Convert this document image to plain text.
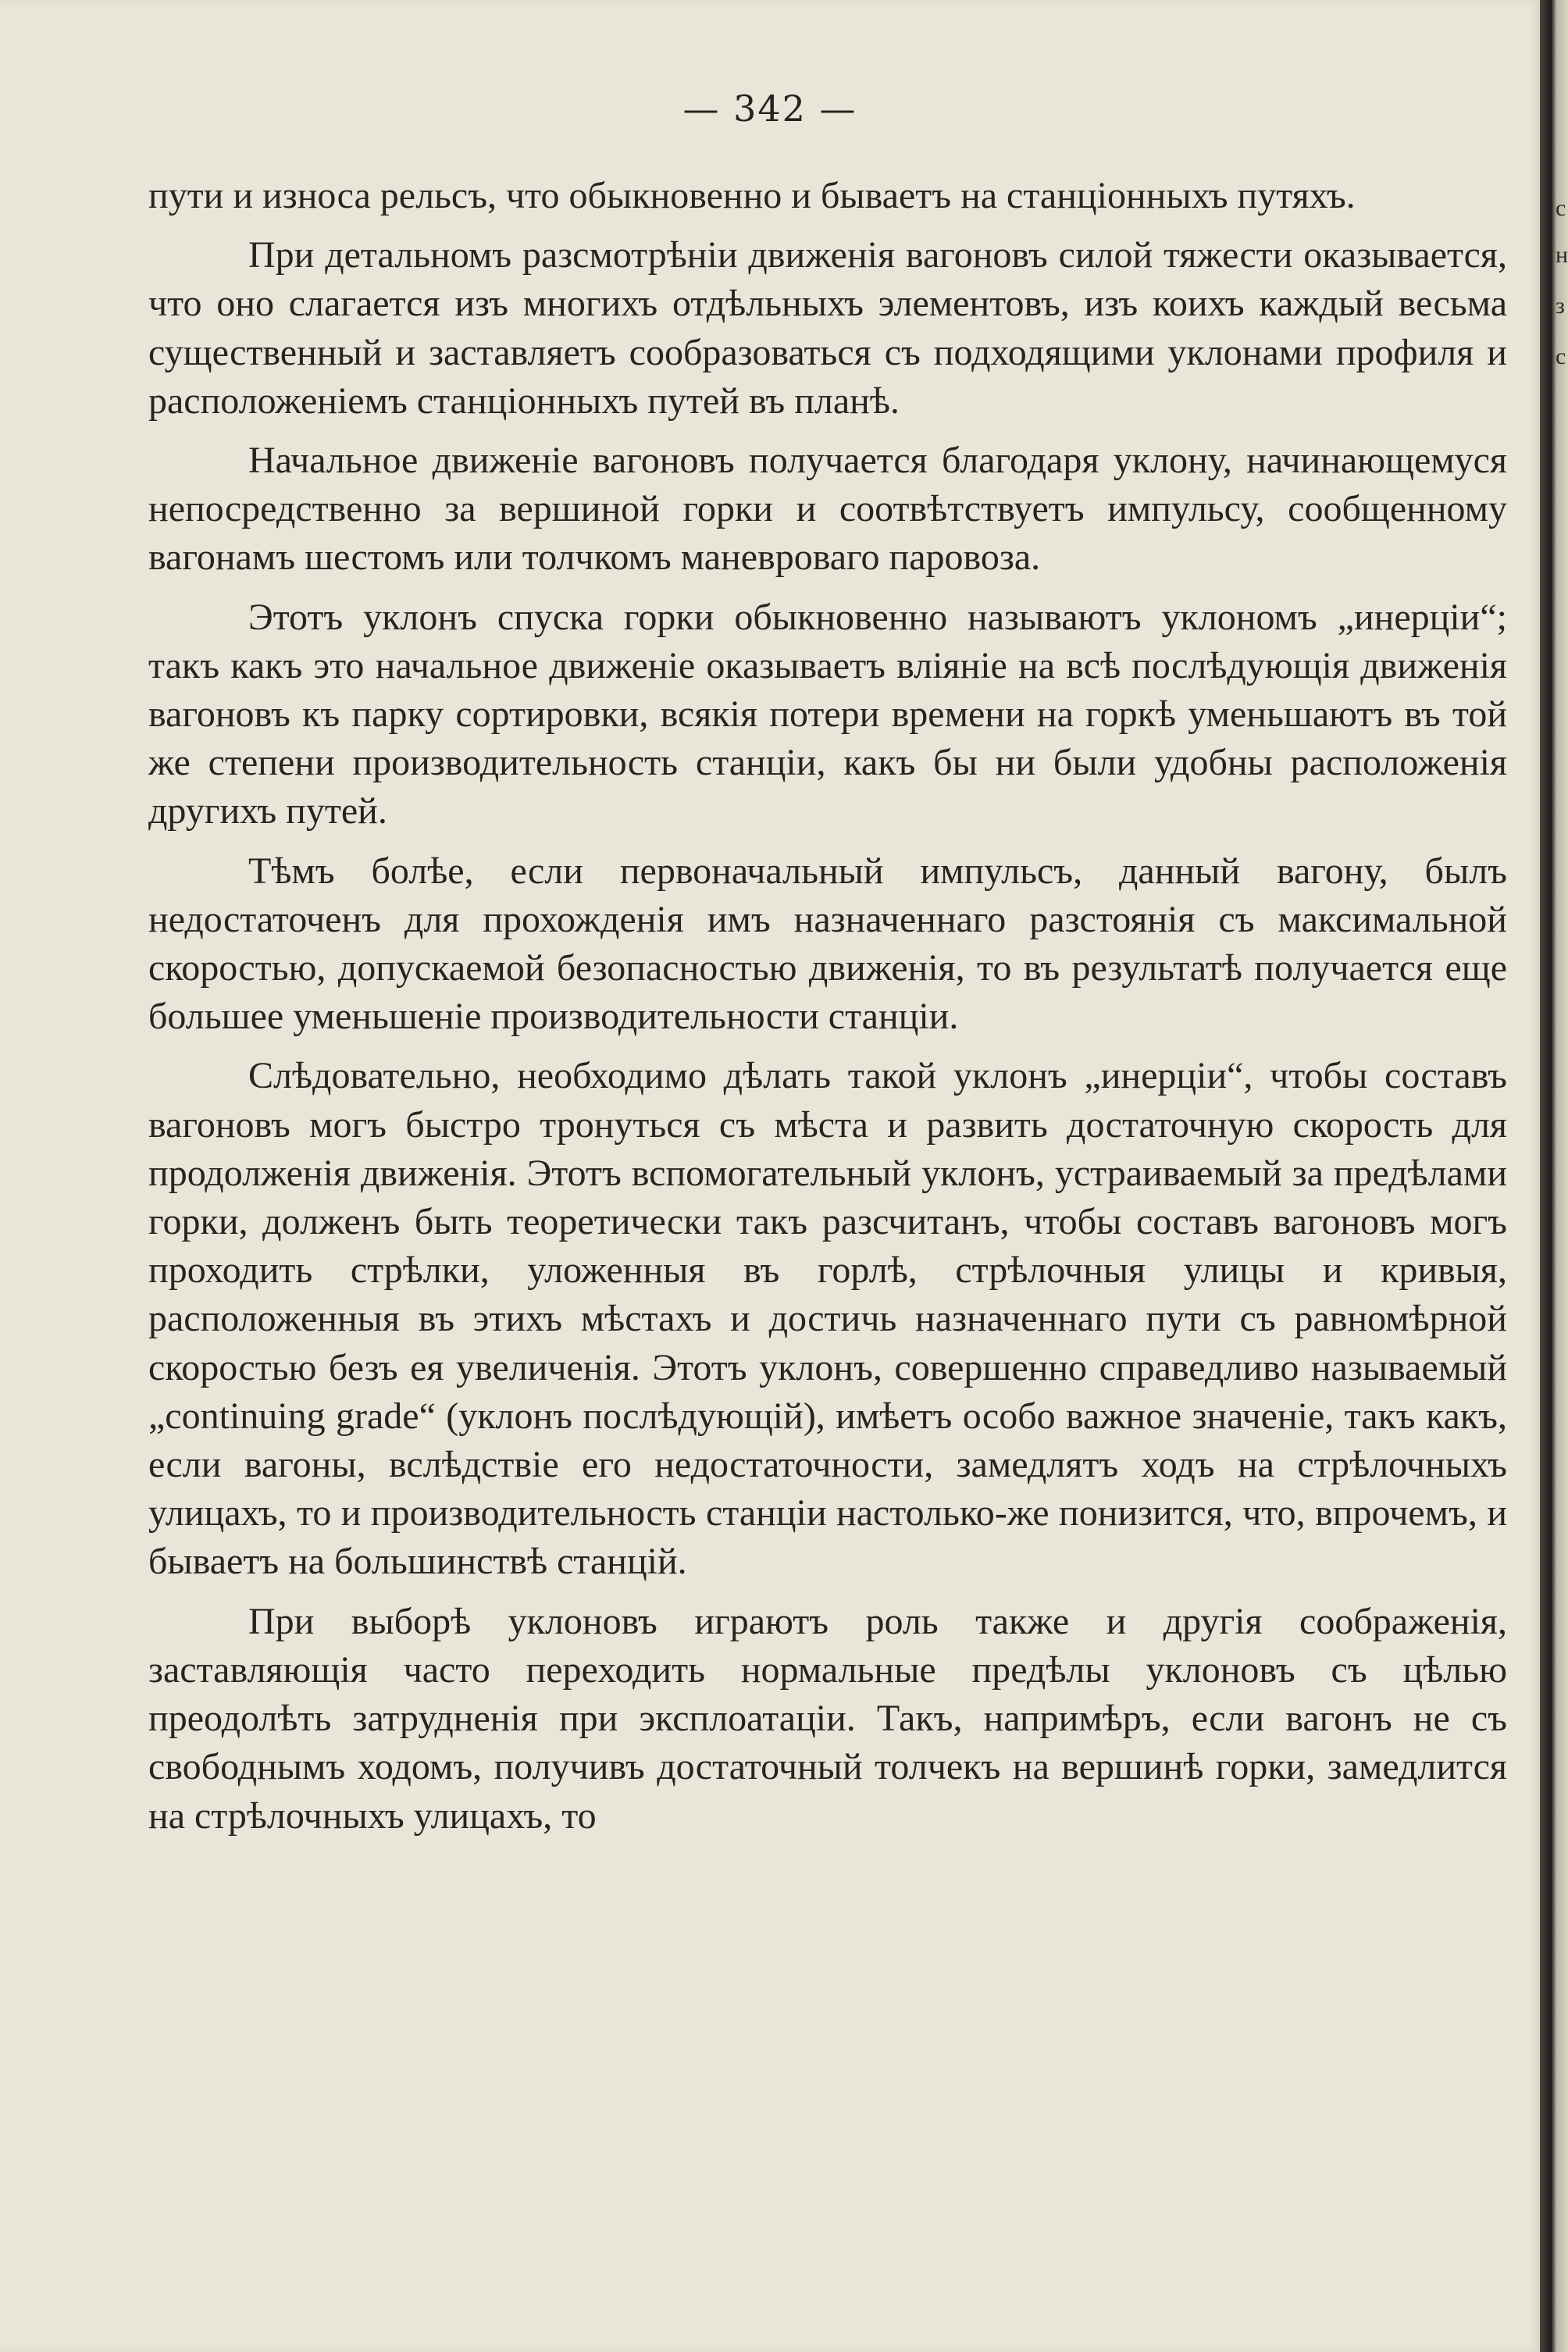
— 342 —

пути и износа рельсъ, что обыкновенно и бываетъ на станціонныхъ путяхъ.

При детальномъ разсмотрѣніи движенія вагоновъ силой тяжести оказывается, что оно слагается изъ многихъ отдѣльныхъ элементовъ, изъ коихъ каждый весьма существенный и заставляетъ сообразоваться съ подходящими уклонами профиля и расположеніемъ станціонныхъ путей въ планѣ.

Начальное движеніе вагоновъ получается благодаря уклону, начинающемуся непосредственно за вершиной горки и соотвѣтствуетъ импульсу, сообщенному вагонамъ шестомъ или толчкомъ маневроваго паровоза.

Этотъ уклонъ спуска горки обыкновенно называютъ уклономъ „инерціи“; такъ какъ это начальное движеніе оказываетъ вліяніе на всѣ послѣдующія движенія вагоновъ къ парку сортировки, всякія потери времени на горкѣ уменьшаютъ въ той же степени производительность станціи, какъ бы ни были удобны расположенія другихъ путей.

Тѣмъ болѣе, если первоначальный импульсъ, данный вагону, былъ недостаточенъ для прохожденія имъ назначеннаго разстоянія съ максимальной скоростью, допускаемой безопасностью движенія, то въ результатѣ получается еще большее уменьшеніе производительности станціи.

Слѣдовательно, необходимо дѣлать такой уклонъ „инерціи“, чтобы составъ вагоновъ могъ быстро тронуться съ мѣста и развить достаточную скорость для продолженія движенія. Этотъ вспомогательный уклонъ, устраиваемый за предѣлами горки, долженъ быть теоретически такъ разсчитанъ, чтобы составъ вагоновъ могъ проходить стрѣлки, уложенныя въ горлѣ, стрѣлочныя улицы и кривыя, расположенныя въ этихъ мѣстахъ и достичь назначеннаго пути съ равномѣрной скоростью безъ ея увеличенія. Этотъ уклонъ, совершенно справедливо называемый „continuing grade“ (уклонъ послѣдующій), имѣетъ особо важное значеніе, такъ какъ, если вагоны, вслѣдствіе его недостаточности, замедлятъ ходъ на стрѣлочныхъ улицахъ, то и производительность станціи настолько-же понизится, что, впрочемъ, и бываетъ на большинствѣ станцій.

При выборѣ уклоновъ играютъ роль также и другія соображенія, заставляющія часто переходить нормальные предѣлы уклоновъ съ цѣлью преодолѣть затрудненія при эксплоатаціи. Такъ, напримѣръ, если вагонъ не съ свободнымъ ходомъ, получивъ достаточный толчекъ на вершинѣ горки, замедлится на стрѣлочныхъ улицахъ, то

с
н
з
с
